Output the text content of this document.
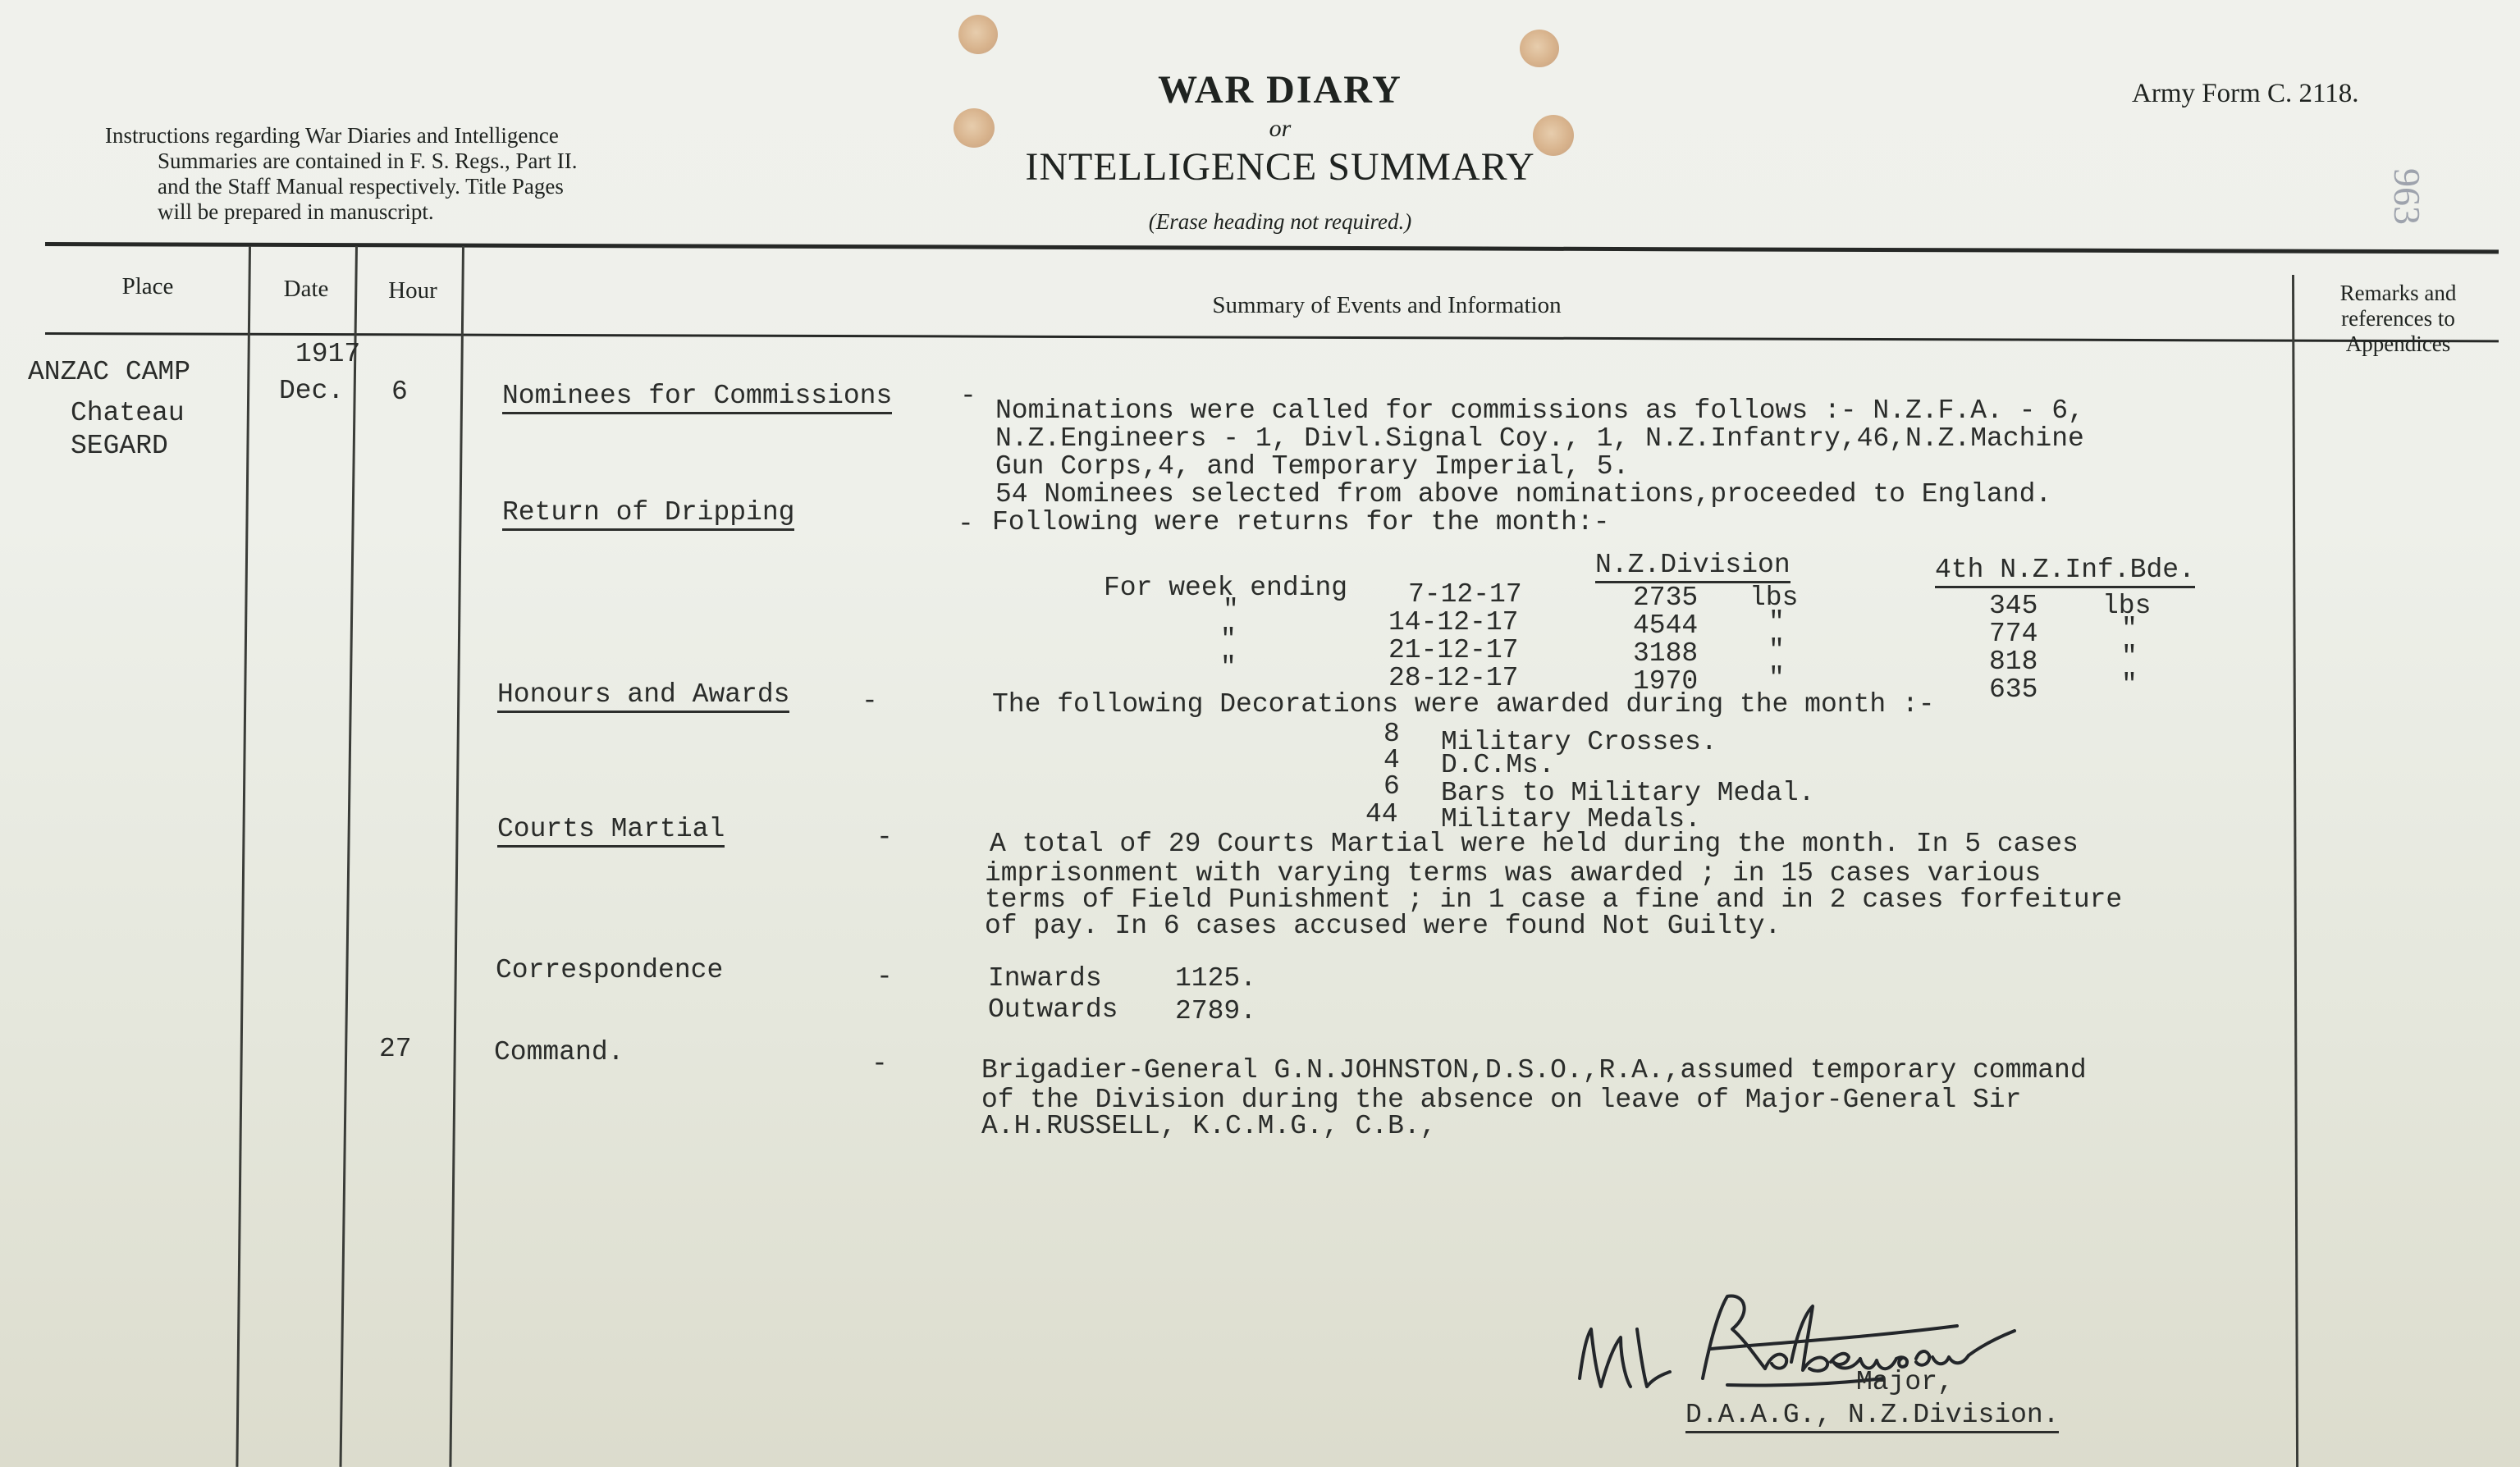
Instructions regarding War Diaries and Intelligence
Summaries are contained in F. S. Regs., Part II.
and the Staff Manual respectively. Title Pages
will be prepared in manuscript.
WAR DIARY
or
INTELLIGENCE SUMMARY
(Erase heading not required.)
Army Form C. 2118.
963
Place	Date	Hour
Summary of Events and Information	Remarks and
references to
Appendices
ANZAC CAMP
Chateau
SEGARD
1917
Dec. 6
27
Nominees for Commissions	- Nominations were called for commissions as follows :- N.Z.F.A. - 6,
N.Z.Engineers - 1, Divl.Signal Coy., 1, N.Z.Infantry,46,N.Z.Machine
Gun Corps,4, and Temporary Imperial, 5.
54 Nominees selected from above nominations,proceeded to England.
Return of Dripping	- Following were returns for the month:-
N.Z.Division	4th N.Z.Inf.Bde.
For week ending 7-12-17	2735 lbs	345 lbs
"	14-12-17	4544	"	774	"
"	21-12-17	3188	"	818	"
"	28-12-17	1970	"	635	"
Honours and Awards	-	The following Decorations were awarded during the month :-
8 Military Crosses.
4 D.C.Ms.
6 Bars to Military Medal.
44 Military Medals.
Courts Martial	-	A total of 29 Courts Martial were held during the month. In 5 cases
imprisonment with varying terms was awarded ; in 15 cases various
terms of Field Punishment ; in 1 case a fine and in 2 cases forfeiture
of pay. In 6 cases accused were found Not Guilty.
Correspondence	-	Inwards	1125.
Outwards 2789.
Command.	-	Brigadier-General G.N.JOHNSTON,D.S.O.,R.A.,assumed temporary command
of the Division during the absence on leave of Major-General Sir
A.H.RUSSELL, K.C.M.G., C.B.,
Major,
D.A.A.G., N.Z.Division.
